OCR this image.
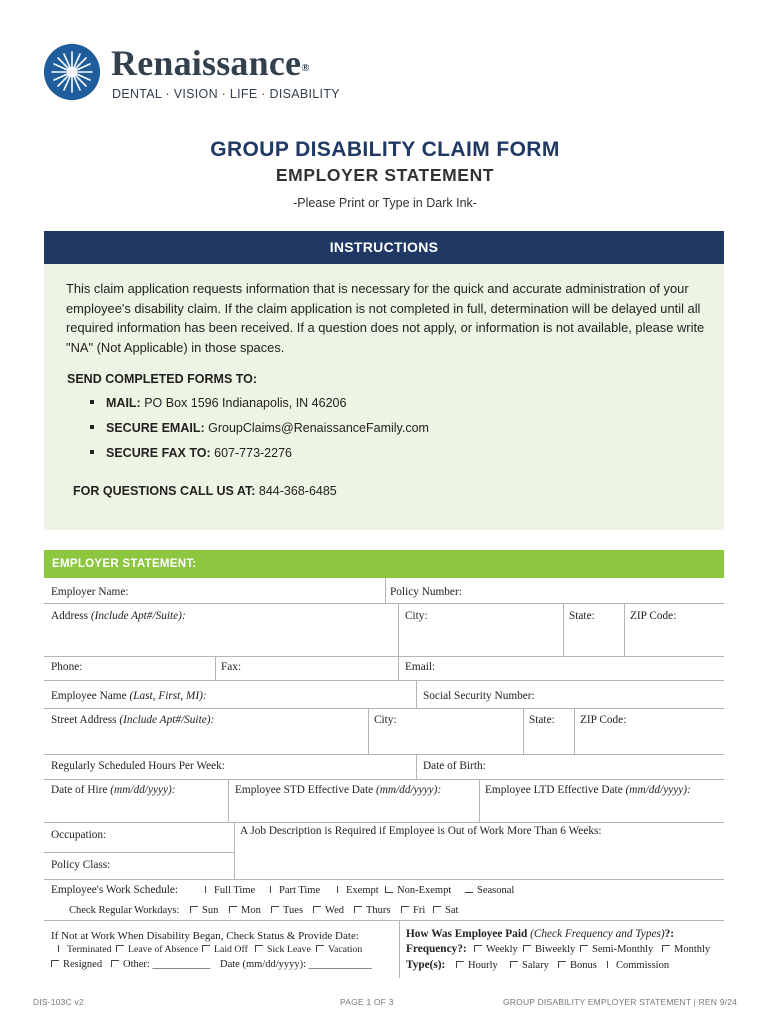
Renaissance®
DENTAL · VISION · LIFE · DISABILITY
GROUP DISABILITY CLAIM FORM
EMPLOYER STATEMENT
-Please Print or Type in Dark Ink-
INSTRUCTIONS
This claim application requests information that is necessary for the quick and accurate administration of your employee's disability claim. If the claim application is not completed in full, determination will be delayed until all required information has been received. If a question does not apply, or information is not available, please write "NA" (Not Applicable) in those spaces.
SEND COMPLETED FORMS TO:
MAIL: PO Box 1596 Indianapolis, IN 46206
SECURE EMAIL: GroupClaims@RenaissanceFamily.com
SECURE FAX TO: 607-773-2276
FOR QUESTIONS CALL US AT: 844-368-6485
EMPLOYER STATEMENT:
Employer Name:	Policy Number:
Address (Include Apt#/Suite):	City:	State:	ZIP Code:
Phone:	Fax:	Email:
Employee Name (Last, First, MI):	Social Security Number:
Street Address (Include Apt#/Suite):	City:	State: ZIP Code:
Regularly Scheduled Hours Per Week:	Date of Birth:
Date of Hire (mm/dd/yyyy):	Employee STD Effective Date (mm/dd/yyyy):	Employee LTD Effective Date (mm/dd/yyyy):
Occupation:	A Job Description is Required if Employee is Out of Work More Than 6 Weeks:
Policy Class:
Employee's Work Schedule:	Full Time	Part Time	Exempt	Non-Exempt	Seasonal
Check Regular Workdays:	Sun	Mon	Tues	Wed	Thurs	Fri	Sat
If Not at Work When Disability Began, Check Status & Provide Date:
Terminated	Leave of Absence	Laid Off	Sick Leave	Vacation
Resigned	Other: ___________ Date (mm/dd/yyyy): ____________
How Was Employee Paid (Check Frequency and Types)?:
Frequency?:	Weekly	Biweekly	Semi-Monthly	Monthly
Type(s):	Hourly	Salary	Bonus	Commission
DIS-103C v2	PAGE 1 OF 3	GROUP DISABILITY EMPLOYER STATEMENT | REN 9/24
